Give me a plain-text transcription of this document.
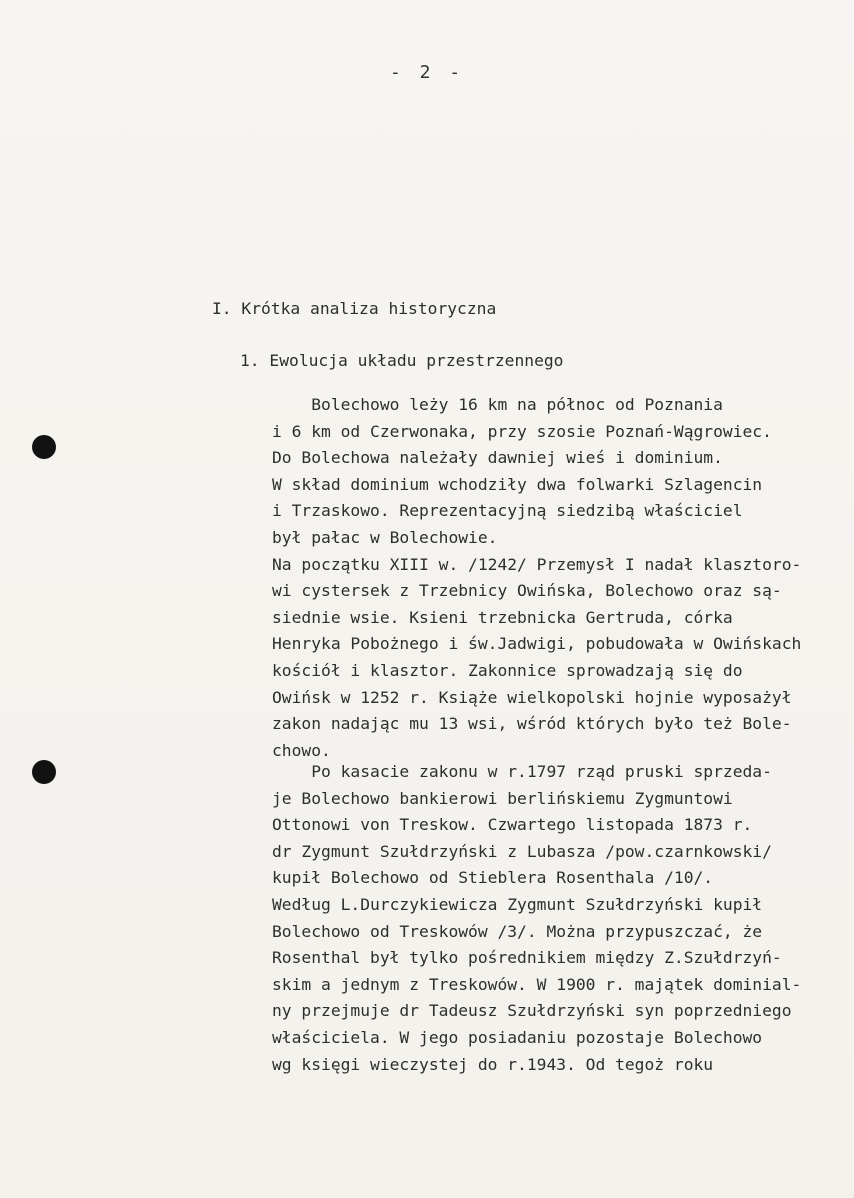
- 2 -
I. Krótka analiza historyczna
1. Ewolucja układu przestrzennego
Bolechowo leży 16 km na północ od Poznania
i 6 km od Czerwonaka, przy szosie Poznań-Wągrowiec.
Do Bolechowa należały dawniej wieś i dominium.
W skład dominium wchodziły dwa folwarki Szlagencin
i Trzaskowo. Reprezentacyjną siedzibą właściciel
był pałac w Bolechowie.
Na początku XIII w. /1242/ Przemysł I nadał klasztoro-
wi cystersek z Trzebnicy Owińska, Bolechowo oraz są-
siednie wsie. Ksieni trzebnicka Gertruda, córka
Henryka Pobożnego i św.Jadwigi, pobudowała w Owińskach
kościół i klasztor. Zakonnice sprowadzają się do
Owińsk w 1252 r. Książe wielkopolski hojnie wyposażył
zakon nadając mu 13 wsi, wśród których było też Bole-
chowo.
Po kasacie zakonu w r.1797 rząd pruski sprzeda-
je Bolechowo bankierowi berlińskiemu Zygmuntowi
Ottonowi von Treskow. Czwartego listopada 1873 r.
dr Zygmunt Szułdrzyński z Lubasza /pow.czarnkowski/
kupił Bolechowo od Stieblera Rosenthala /10/.
Według L.Durczykiewicza Zygmunt Szułdrzyński kupił
Bolechowo od Treskowów /3/. Można przypuszczać, że
Rosenthal był tylko pośrednikiem między Z.Szułdrzyń-
skim a jednym z Treskowów. W 1900 r. majątek dominial-
ny przejmuje dr Tadeusz Szułdrzyński syn poprzedniego
właściciela. W jego posiadaniu pozostaje Bolechowo
wg księgi wieczystej do r.1943. Od tegoż roku
